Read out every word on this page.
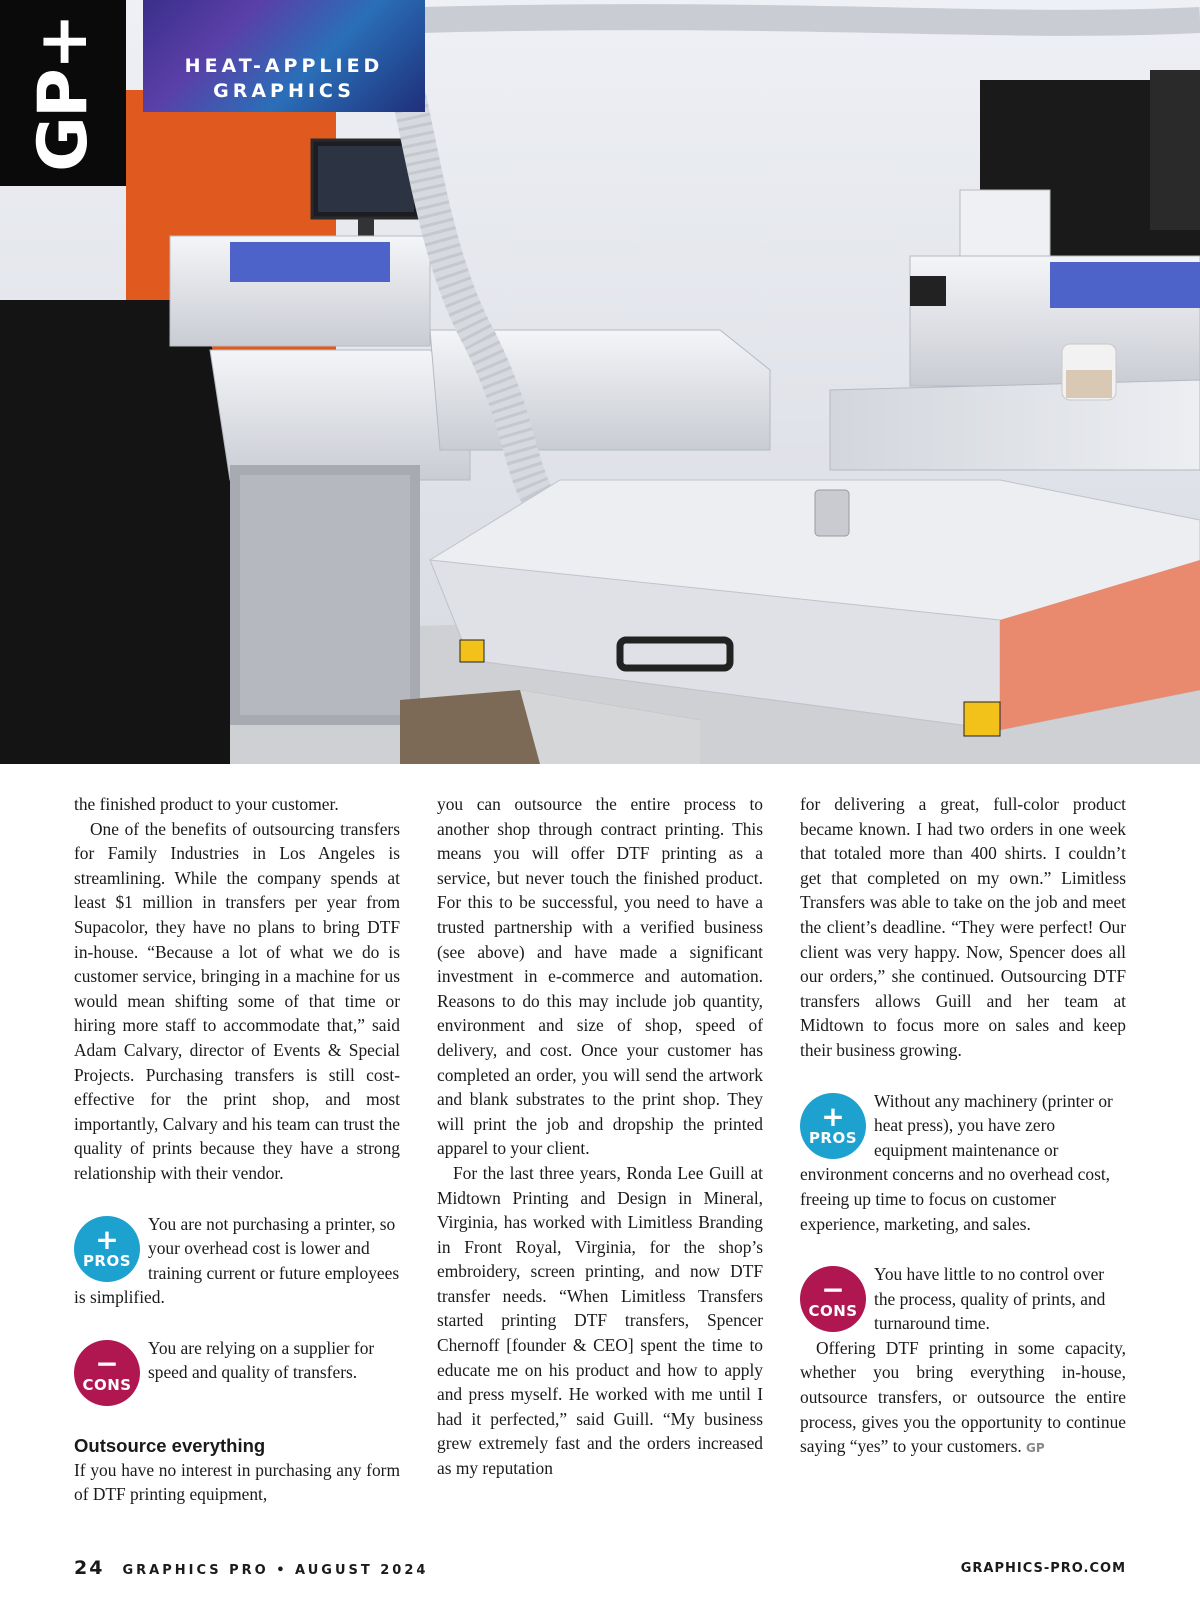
GP+	HEAT-APPLIED
GRAPHICS

the finished product to your customer.

One of the benefits of outsourcing transfers for Family Industries in Los Angeles is streamlining. While the company spends at least $1 million in transfers per year from Supacolor, they have no plans to bring DTF in-house. “Because a lot of what we do is customer service, bringing in a machine for us would mean shifting some of that time or hiring more staff to accommodate that,” said Adam Calvary, director of Events & Special Projects. Purchasing transfers is still cost-effective for the print shop, and most importantly, Calvary and his team can trust the quality of prints because they have a strong relationship with their vendor.

+
PROS
You are not purchasing a printer, so your overhead cost is lower and training current or future employees is simplified.
−
CONS
You are relying on a supplier for speed and quality of transfers.
Outsource everything

If you have no interest in purchasing any form of DTF printing equipment,

you can outsource the entire process to another shop through contract printing. This means you will offer DTF printing as a service, but never touch the finished product. For this to be successful, you need to have a trusted partnership with a verified business (see above) and have made a significant investment in e-commerce and automation. Reasons to do this may include job quantity, environment and size of shop, speed of delivery, and cost. Once your customer has completed an order, you will send the artwork and blank substrates to the print shop. They will print the job and dropship the printed apparel to your client.

For the last three years, Ronda Lee Guill at Midtown Printing and Design in Mineral, Virginia, has worked with Limitless Branding in Front Royal, Virginia, for the shop’s embroidery, screen printing, and now DTF transfer needs. “When Limitless Transfers started printing DTF transfers, Spencer Chernoff [founder & CEO] spent the time to educate me on his product and how to apply and press myself. He worked with me until I had it perfected,” said Guill. “My business grew extremely fast and the orders increased as my reputation

for delivering a great, full-color product became known. I had two orders in one week that totaled more than 400 shirts. I couldn’t get that completed on my own.” Limitless Transfers was able to take on the job and meet the client’s deadline. “They were perfect! Our client was very happy. Now, Spencer does all our orders,” she continued. Outsourcing DTF transfers allows Guill and her team at Midtown to focus more on sales and keep their business growing.

+
PROS
Without any machinery (printer or heat press), you have zero equipment maintenance or environment concerns and no overhead cost, freeing up time to focus on customer experience, marketing, and sales.
−
CONS
You have little to no control over the process, quality of prints, and turnaround time.

Offering DTF printing in some capacity, whether you bring everything in-house, outsource transfers, or outsource the entire process, gives you the opportunity to continue saying “yes” to your customers. GP

24 GRAPHICS PRO • AUGUST 2024	GRAPHICS-PRO.COM
